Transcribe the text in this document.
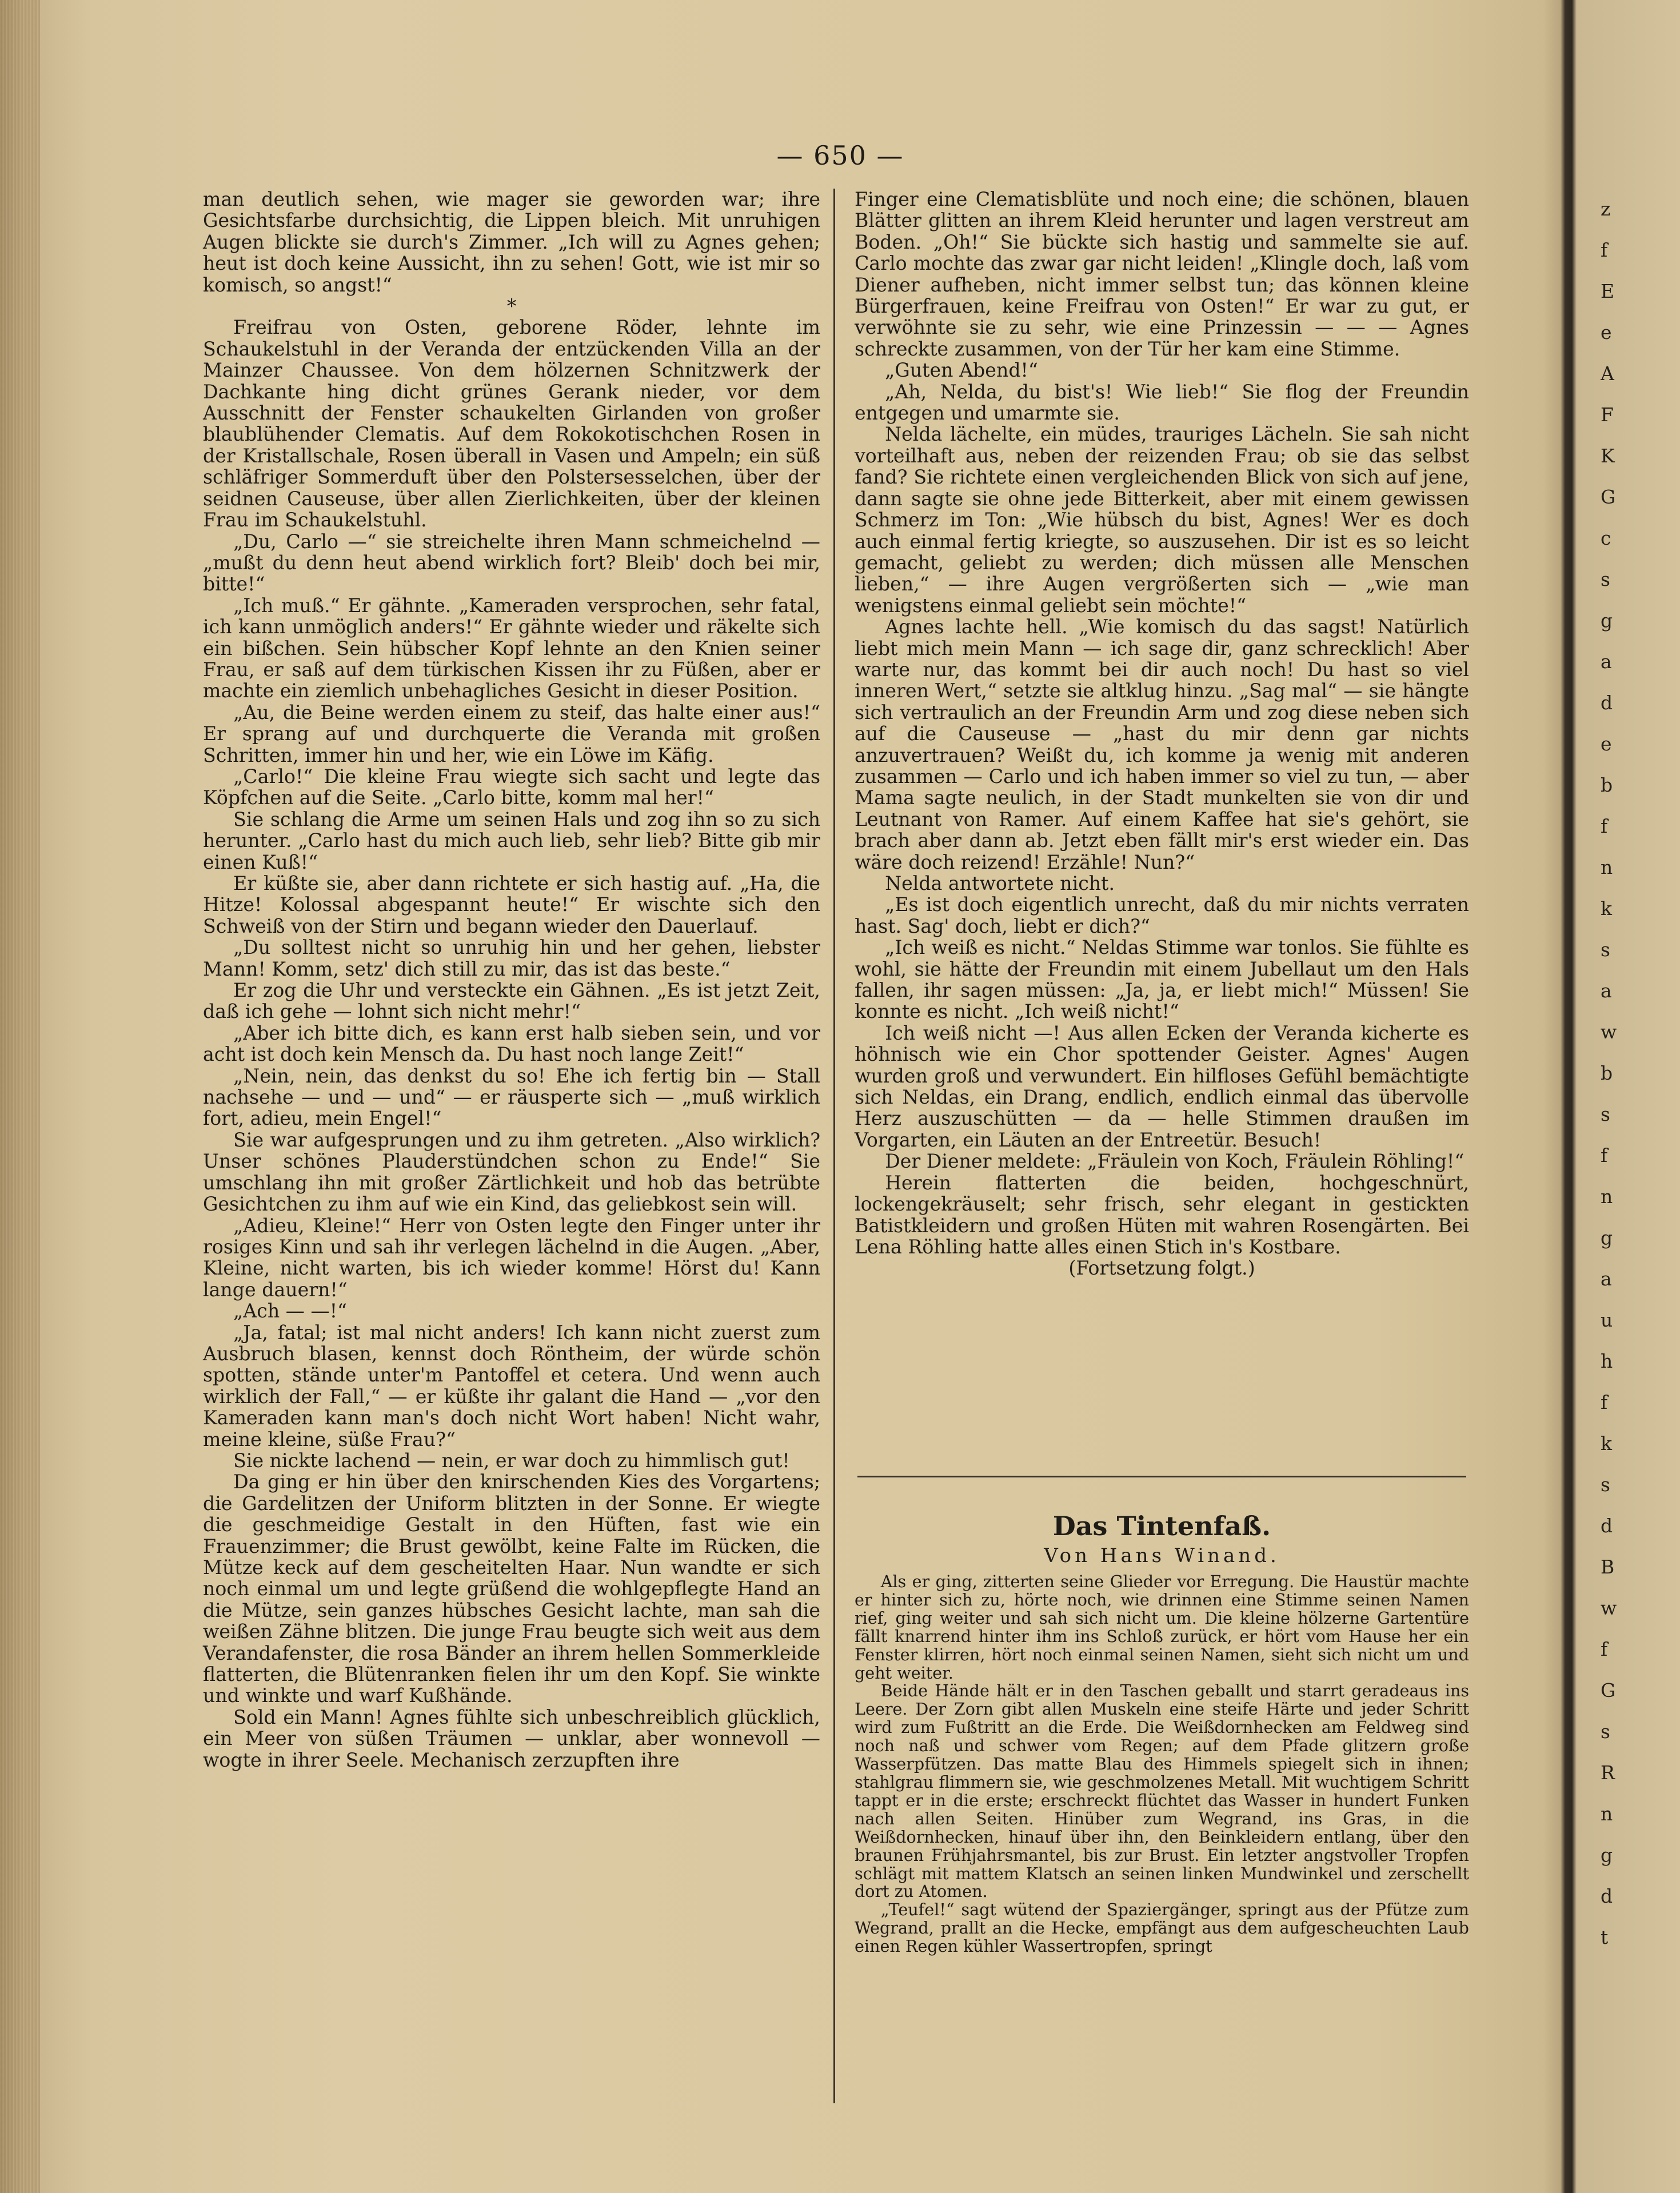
— 650 —

man deutlich sehen, wie mager sie geworden war; ihre Gesichtsfarbe durchsichtig, die Lippen bleich. Mit unruhigen Augen blickte sie durch's Zimmer. „Ich will zu Agnes gehen; heut ist doch keine Aussicht, ihn zu sehen! Gott, wie ist mir so komisch, so angst!“

*

Freifrau von Osten, geborene Röder, lehnte im Schaukelstuhl in der Veranda der entzückenden Villa an der Mainzer Chaussee. Von dem hölzernen Schnitzwerk der Dachkante hing dicht grünes Gerank nieder, vor dem Ausschnitt der Fenster schaukelten Girlanden von großer blaublühender Clematis. Auf dem Rokokotischchen Rosen in der Kristallschale, Rosen überall in Vasen und Ampeln; ein süß schläfriger Sommerduft über den Polstersesselchen, über der seidnen Causeuse, über allen Zierlichkeiten, über der kleinen Frau im Schaukelstuhl.

„Du, Carlo —“ sie streichelte ihren Mann schmeichelnd — „mußt du denn heut abend wirklich fort? Bleib' doch bei mir, bitte!“

„Ich muß.“ Er gähnte. „Kameraden versprochen, sehr fatal, ich kann unmöglich anders!“ Er gähnte wieder und räkelte sich ein bißchen. Sein hübscher Kopf lehnte an den Knien seiner Frau, er saß auf dem türkischen Kissen ihr zu Füßen, aber er machte ein ziemlich unbehagliches Gesicht in dieser Position.

„Au, die Beine werden einem zu steif, das halte einer aus!“ Er sprang auf und durchquerte die Veranda mit großen Schritten, immer hin und her, wie ein Löwe im Käfig.

„Carlo!“ Die kleine Frau wiegte sich sacht und legte das Köpfchen auf die Seite. „Carlo bitte, komm mal her!“

Sie schlang die Arme um seinen Hals und zog ihn so zu sich herunter. „Carlo hast du mich auch lieb, sehr lieb? Bitte gib mir einen Kuß!“

Er küßte sie, aber dann richtete er sich hastig auf. „Ha, die Hitze! Kolossal abgespannt heute!“ Er wischte sich den Schweiß von der Stirn und begann wieder den Dauerlauf.

„Du solltest nicht so unruhig hin und her gehen, liebster Mann! Komm, setz' dich still zu mir, das ist das beste.“

Er zog die Uhr und versteckte ein Gähnen. „Es ist jetzt Zeit, daß ich gehe — lohnt sich nicht mehr!“

„Aber ich bitte dich, es kann erst halb sieben sein, und vor acht ist doch kein Mensch da. Du hast noch lange Zeit!“

„Nein, nein, das denkst du so! Ehe ich fertig bin — Stall nachsehe — und — und“ — er räusperte sich — „muß wirklich fort, adieu, mein Engel!“

Sie war aufgesprungen und zu ihm getreten. „Also wirklich? Unser schönes Plauderstündchen schon zu Ende!“ Sie umschlang ihn mit großer Zärtlichkeit und hob das betrübte Gesichtchen zu ihm auf wie ein Kind, das geliebkost sein will.

„Adieu, Kleine!“ Herr von Osten legte den Finger unter ihr rosiges Kinn und sah ihr verlegen lächelnd in die Augen. „Aber, Kleine, nicht warten, bis ich wieder komme! Hörst du! Kann lange dauern!“

„Ach — —!“

„Ja, fatal; ist mal nicht anders! Ich kann nicht zuerst zum Ausbruch blasen, kennst doch Röntheim, der würde schön spotten, stände unter'm Pantoffel et cetera. Und wenn auch wirklich der Fall,“ — er küßte ihr galant die Hand — „vor den Kameraden kann man's doch nicht Wort haben! Nicht wahr, meine kleine, süße Frau?“

Sie nickte lachend — nein, er war doch zu himmlisch gut!

Da ging er hin über den knirschenden Kies des Vorgartens; die Gardelitzen der Uniform blitzten in der Sonne. Er wiegte die geschmeidige Gestalt in den Hüften, fast wie ein Frauenzimmer; die Brust gewölbt, keine Falte im Rücken, die Mütze keck auf dem gescheitelten Haar. Nun wandte er sich noch einmal um und legte grüßend die wohlgepflegte Hand an die Mütze, sein ganzes hübsches Gesicht lachte, man sah die weißen Zähne blitzen. Die junge Frau beugte sich weit aus dem Verandafenster, die rosa Bänder an ihrem hellen Sommerkleide flatterten, die Blütenranken fielen ihr um den Kopf. Sie winkte und winkte und warf Kußhände.

Sold ein Mann! Agnes fühlte sich unbeschreiblich glücklich, ein Meer von süßen Träumen — unklar, aber wonnevoll — wogte in ihrer Seele. Mechanisch zerzupften ihre

Finger eine Clematisblüte und noch eine; die schönen, blauen Blätter glitten an ihrem Kleid herunter und lagen verstreut am Boden. „Oh!“ Sie bückte sich hastig und sammelte sie auf. Carlo mochte das zwar gar nicht leiden! „Klingle doch, laß vom Diener aufheben, nicht immer selbst tun; das können kleine Bürgerfrauen, keine Freifrau von Osten!“ Er war zu gut, er verwöhnte sie zu sehr, wie eine Prinzessin — — — Agnes schreckte zusammen, von der Tür her kam eine Stimme.

„Guten Abend!“

„Ah, Nelda, du bist's! Wie lieb!“ Sie flog der Freundin entgegen und umarmte sie.

Nelda lächelte, ein müdes, trauriges Lächeln. Sie sah nicht vorteilhaft aus, neben der reizenden Frau; ob sie das selbst fand? Sie richtete einen vergleichenden Blick von sich auf jene, dann sagte sie ohne jede Bitterkeit, aber mit einem gewissen Schmerz im Ton: „Wie hübsch du bist, Agnes! Wer es doch auch einmal fertig kriegte, so auszusehen. Dir ist es so leicht gemacht, geliebt zu werden; dich müssen alle Menschen lieben,“ — ihre Augen vergrößerten sich — „wie man wenigstens einmal geliebt sein möchte!“

Agnes lachte hell. „Wie komisch du das sagst! Natürlich liebt mich mein Mann — ich sage dir, ganz schrecklich! Aber warte nur, das kommt bei dir auch noch! Du hast so viel inneren Wert,“ setzte sie altklug hinzu. „Sag mal“ — sie hängte sich vertraulich an der Freundin Arm und zog diese neben sich auf die Causeuse — „hast du mir denn gar nichts anzuvertrauen? Weißt du, ich komme ja wenig mit anderen zusammen — Carlo und ich haben immer so viel zu tun, — aber Mama sagte neulich, in der Stadt munkelten sie von dir und Leutnant von Ramer. Auf einem Kaffee hat sie's gehört, sie brach aber dann ab. Jetzt eben fällt mir's erst wieder ein. Das wäre doch reizend! Erzähle! Nun?“

Nelda antwortete nicht.

„Es ist doch eigentlich unrecht, daß du mir nichts verraten hast. Sag' doch, liebt er dich?“

„Ich weiß es nicht.“ Neldas Stimme war tonlos. Sie fühlte es wohl, sie hätte der Freundin mit einem Jubellaut um den Hals fallen, ihr sagen müssen: „Ja, ja, er liebt mich!“ Müssen! Sie konnte es nicht. „Ich weiß nicht!“

Ich weiß nicht —! Aus allen Ecken der Veranda kicherte es höhnisch wie ein Chor spottender Geister. Agnes' Augen wurden groß und verwundert. Ein hilfloses Gefühl bemächtigte sich Neldas, ein Drang, endlich, endlich einmal das übervolle Herz auszuschütten — da — helle Stimmen draußen im Vorgarten, ein Läuten an der Entreetür. Besuch!

Der Diener meldete: „Fräulein von Koch, Fräulein Röhling!“

Herein flatterten die beiden, hochgeschnürt, lockengekräuselt; sehr frisch, sehr elegant in gestickten Batistkleidern und großen Hüten mit wahren Rosengärten. Bei Lena Röhling hatte alles einen Stich in's Kostbare.

(Fortsetzung folgt.)

Das Tintenfaß.

Von Hans Winand.

Als er ging, zitterten seine Glieder vor Erregung. Die Haustür machte er hinter sich zu, hörte noch, wie drinnen eine Stimme seinen Namen rief, ging weiter und sah sich nicht um. Die kleine hölzerne Gartentüre fällt knarrend hinter ihm ins Schloß zurück, er hört vom Hause her ein Fenster klirren, hört noch einmal seinen Namen, sieht sich nicht um und geht weiter.

Beide Hände hält er in den Taschen geballt und starrt geradeaus ins Leere. Der Zorn gibt allen Muskeln eine steife Härte und jeder Schritt wird zum Fußtritt an die Erde. Die Weißdornhecken am Feldweg sind noch naß und schwer vom Regen; auf dem Pfade glitzern große Wasserpfützen. Das matte Blau des Himmels spiegelt sich in ihnen; stahlgrau flimmern sie, wie geschmolzenes Metall. Mit wuchtigem Schritt tappt er in die erste; erschreckt flüchtet das Wasser in hundert Funken nach allen Seiten. Hinüber zum Wegrand, ins Gras, in die Weißdornhecken, hinauf über ihn, den Beinkleidern entlang, über den braunen Frühjahrsmantel, bis zur Brust. Ein letzter angstvoller Tropfen schlägt mit mattem Klatsch an seinen linken Mundwinkel und zerschellt dort zu Atomen.

„Teufel!“ sagt wütend der Spaziergänger, springt aus der Pfütze zum Wegrand, prallt an die Hecke, empfängt aus dem aufgescheuchten Laub einen Regen kühler Wassertropfen, springt

z
f
E
e
A
F
K
G
c
s
g
a
d
e
b
f
n
k
s
a
w
b
s
f
n
g
a
u
h
f
k
s
d
B
w
f
G
s
R
n
g
d
t
